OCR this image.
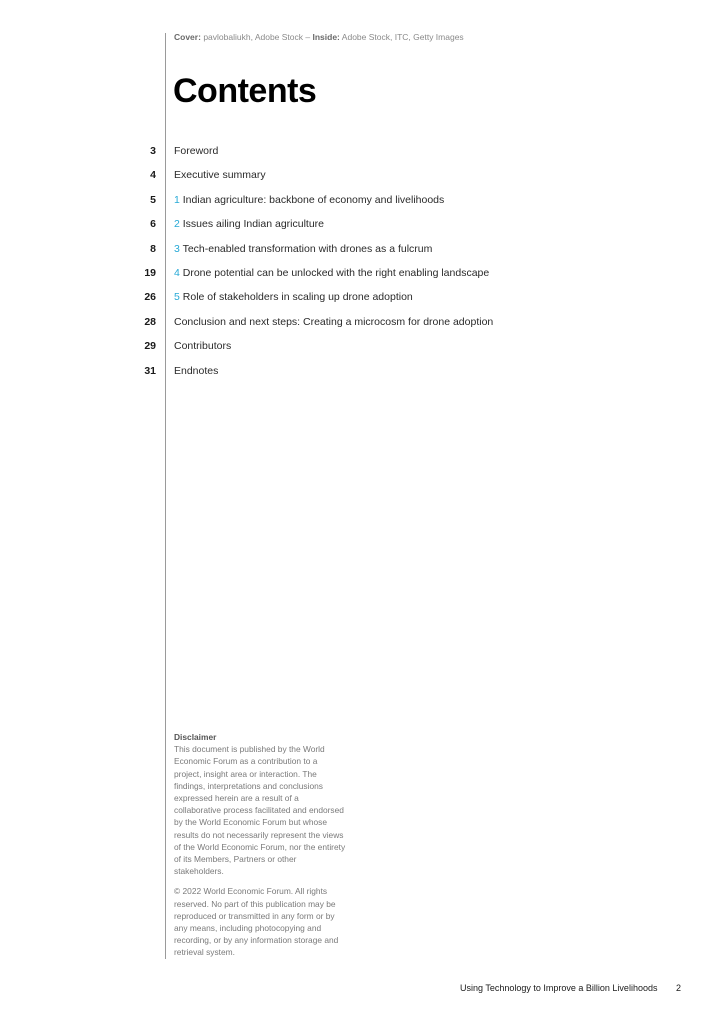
Cover: pavlobaliukh, Adobe Stock – Inside: Adobe Stock, ITC, Getty Images
Contents
3 Foreword
4 Executive summary
5 1 Indian agriculture: backbone of economy and livelihoods
6 2 Issues ailing Indian agriculture
8 3 Tech-enabled transformation with drones as a fulcrum
19 4 Drone potential can be unlocked with the right enabling landscape
26 5 Role of stakeholders in scaling up drone adoption
28 Conclusion and next steps: Creating a microcosm for drone adoption
29 Contributors
31 Endnotes
Disclaimer

This document is published by the World Economic Forum as a contribution to a project, insight area or interaction. The findings, interpretations and conclusions expressed herein are a result of a collaborative process facilitated and endorsed by the World Economic Forum but whose results do not necessarily represent the views of the World Economic Forum, nor the entirety of its Members, Partners or other stakeholders.

© 2022 World Economic Forum. All rights reserved. No part of this publication may be reproduced or transmitted in any form or by any means, including photocopying and recording, or by any information storage and retrieval system.

Using Technology to Improve a Billion Livelihoods 2
